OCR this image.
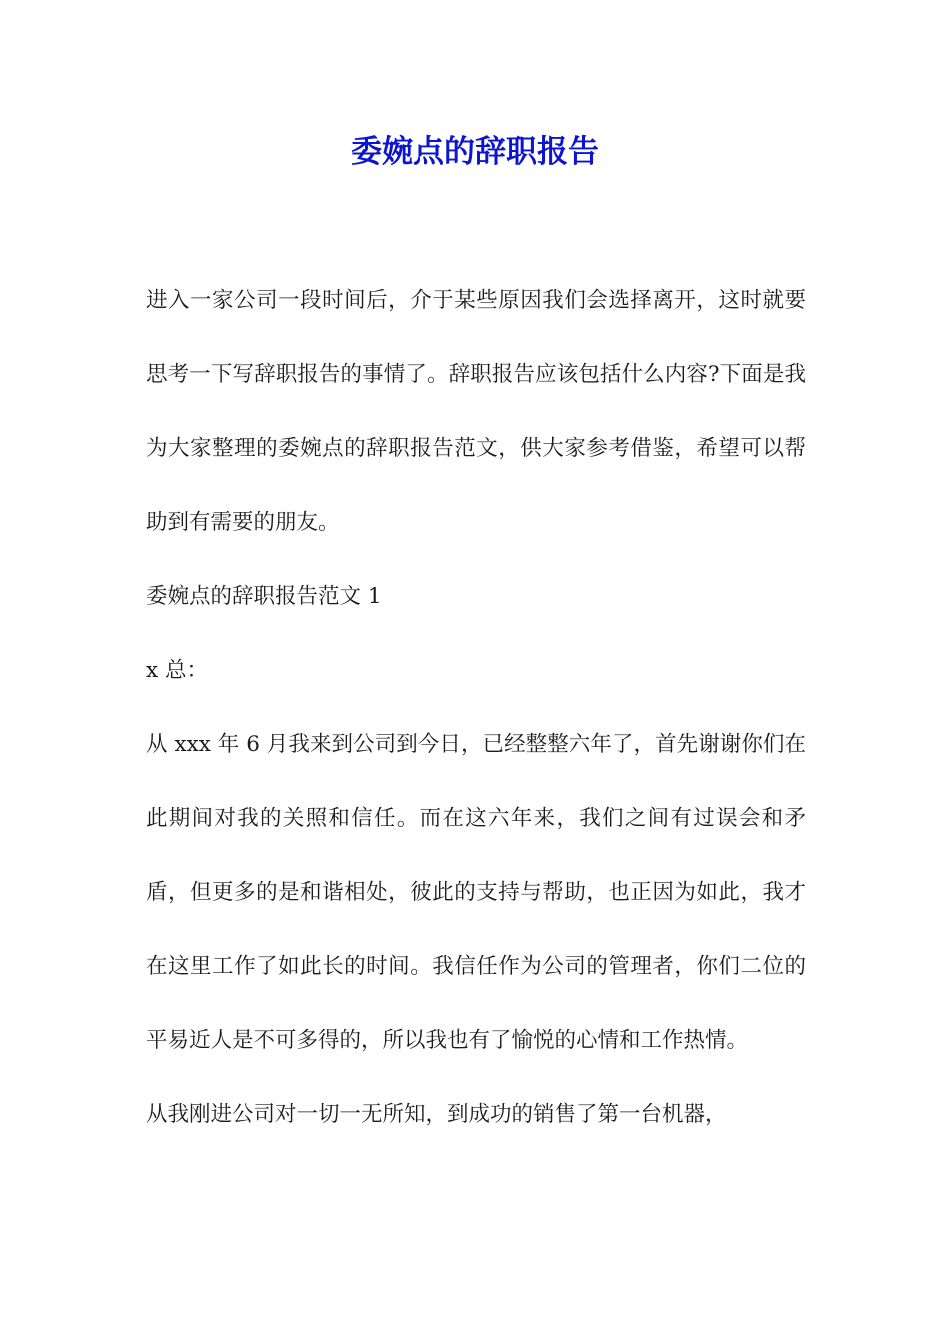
委婉点的辞职报告

进入一家公司一段时间后，介于某些原因我们会选择离开，这时就要思考一下写辞职报告的事情了。辞职报告应该包括什么内容?下面是我为大家整理的委婉点的辞职报告范文，供大家参考借鉴，希望可以帮助到有需要的朋友。

委婉点的辞职报告范文 1

x 总：

从 xxx 年 6 月我来到公司到今日，已经整整六年了，首先谢谢你们在此期间对我的关照和信任。而在这六年来，我们之间有过误会和矛盾，但更多的是和谐相处，彼此的支持与帮助，也正因为如此，我才在这里工作了如此长的时间。我信任作为公司的管理者，你们二位的平易近人是不可多得的，所以我也有了愉悦的心情和工作热情。

从我刚进公司对一切一无所知，到成功的销售了第一台机器，
